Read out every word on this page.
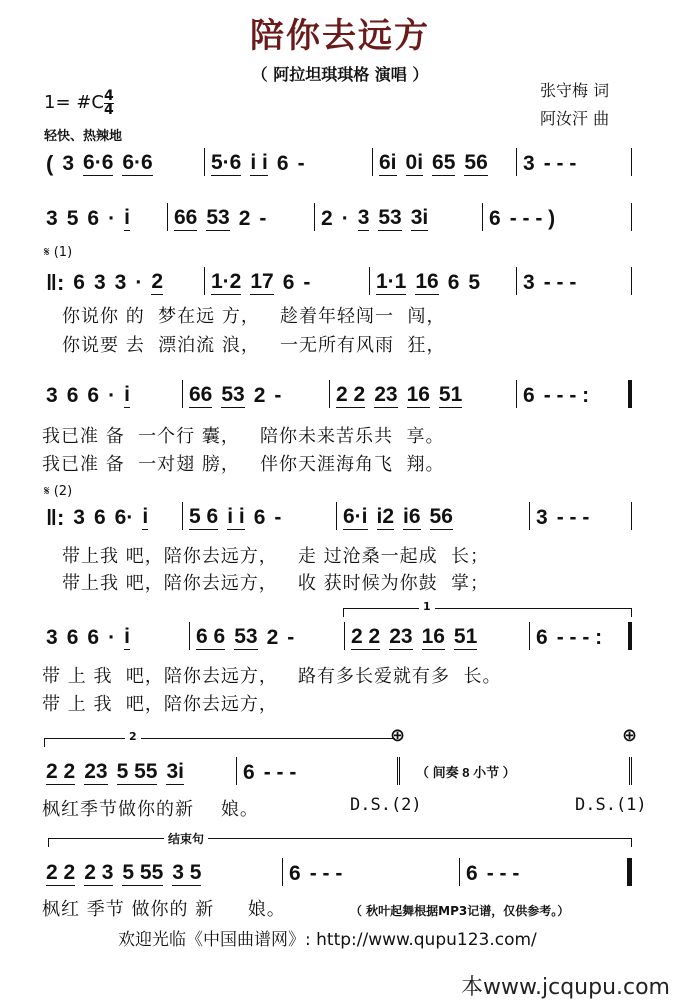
陪你去远方
（ 阿拉坦琪琪格 演唱 ）
张守梅 词
阿汝汗 曲
1= #C 4
4
轻快、热辣地
𝄋 (1)
𝄋 (2)
( 3 6·6 6·6	5·6 i i 6 -	6i 0i 65 56 3 - - -
3 5 6 · i 66 53 2 -	2 · 3 53 3i	6 - - - )
‖: 6 3 3 · 2 1·2 17 6 -	1·1 16 6 5 3 - - -
3 6 6 · i	66 53 2 -	2 2 23 16 51	6 - - - :
‖: 3 6 6· i 5 6 i i 6 -	6·i i2 i6 56	3 - - -
3 6 6 · i	6 6 53 2 -	2 2 23 16 51	6 - - - :
2 2 23 5 55 3i	6 - - -	（ 间奏 8 小节 ）
2 2 2 3 5 55 3 5	6 - - -	6 - - -
你说你 的  梦在远 方，   趁着年轻闯一  闯，
你说要 去  漂泊流 浪，   一无所有风雨  狂，
我已准 备  一个行 囊，   陪你未来苦乐共  享。
我已准 备  一对翅 膀，   伴你天涯海角飞  翔。
带上我 吧，陪你去远方，   走 过沧桑一起成  长；
带上我 吧，陪你去远方，   收 获时候为你鼓  掌；
带 上 我  吧，陪你去远方，   路有多长爱就有多  长。
带 上 我  吧，陪你去远方，
枫红季节做你的新    娘。
枫红 季节 做你的 新     娘。
1
2	⊕	⊕
结束句
D.S.(2)	D.S.(1)
（ 秋叶起舞根据MP3记谱，仅供参考。）
欢迎光临《中国曲谱网》: http://www.qupu123.com/
本www.jcqupu.com
